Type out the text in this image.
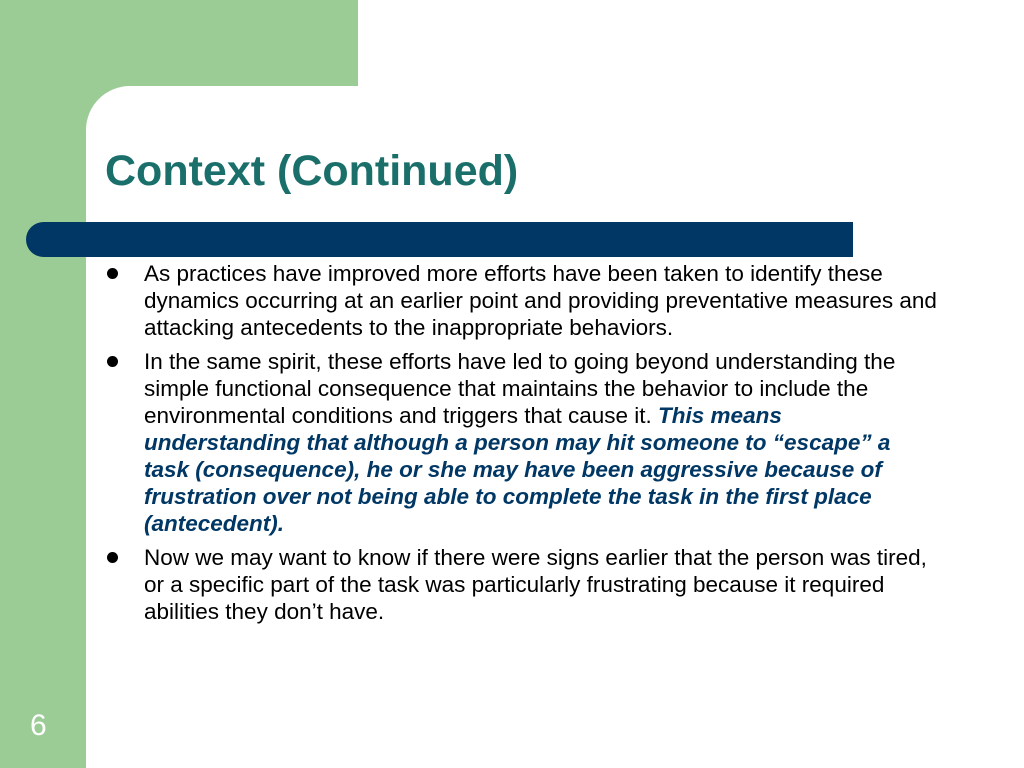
Context (Continued)
As practices have improved more efforts have been taken to identify these dynamics occurring at an earlier point and providing preventative measures and attacking antecedents to the inappropriate behaviors.
In the same spirit, these efforts have led to going beyond understanding the simple functional consequence that maintains the behavior to include the environmental conditions and triggers that cause it. This means understanding that although a person may hit someone to “escape” a task (consequence), he or she may have been aggressive because of frustration over not being able to complete the task in the first place (antecedent).
Now we may want to know if there were signs earlier that the person was tired, or a specific part of the task was particularly frustrating because it required abilities they don’t have.
6
